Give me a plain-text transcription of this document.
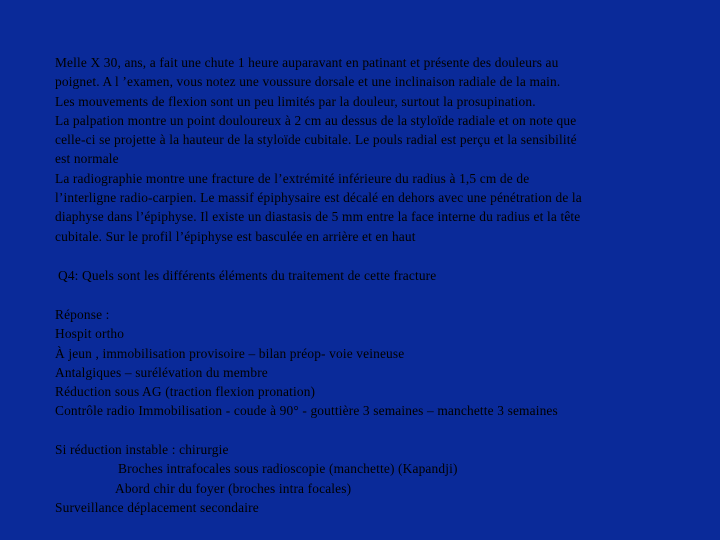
Melle X 30, ans, a fait une chute 1 heure auparavant en patinant et présente des douleurs au
poignet. A l ’examen, vous notez une voussure dorsale et une inclinaison radiale de la main.
Les mouvements de flexion sont un peu limités par la douleur, surtout la prosupination.
La palpation montre un point douloureux à 2 cm au dessus de la styloïde radiale et on note que
celle-ci se projette à la hauteur de la styloïde cubitale. Le pouls radial est perçu et la sensibilité
est normale
La radiographie montre une fracture de l’extrémité inférieure du radius à 1,5 cm de de
l’interligne radio-carpien. Le massif épiphysaire est décalé en dehors avec une pénétration de la
diaphyse dans l’épiphyse. Il existe un diastasis de 5 mm entre la face interne du radius et la tête
cubitale. Sur le profil l’épiphyse est basculée en arrière et en haut
Q4: Quels sont les différents éléments du traitement de cette fracture
Réponse :
Hospit ortho
À jeun , immobilisation provisoire – bilan préop- voie veineuse
Antalgiques – surélévation du membre
Réduction sous AG (traction flexion pronation)
Contrôle radio Immobilisation - coude à 90° - gouttière 3 semaines – manchette 3 semaines
Si réduction instable : chirurgie
Broches intrafocales sous radioscopie (manchette) (Kapandji)
Abord chir du foyer (broches intra focales)
Surveillance déplacement secondaire
